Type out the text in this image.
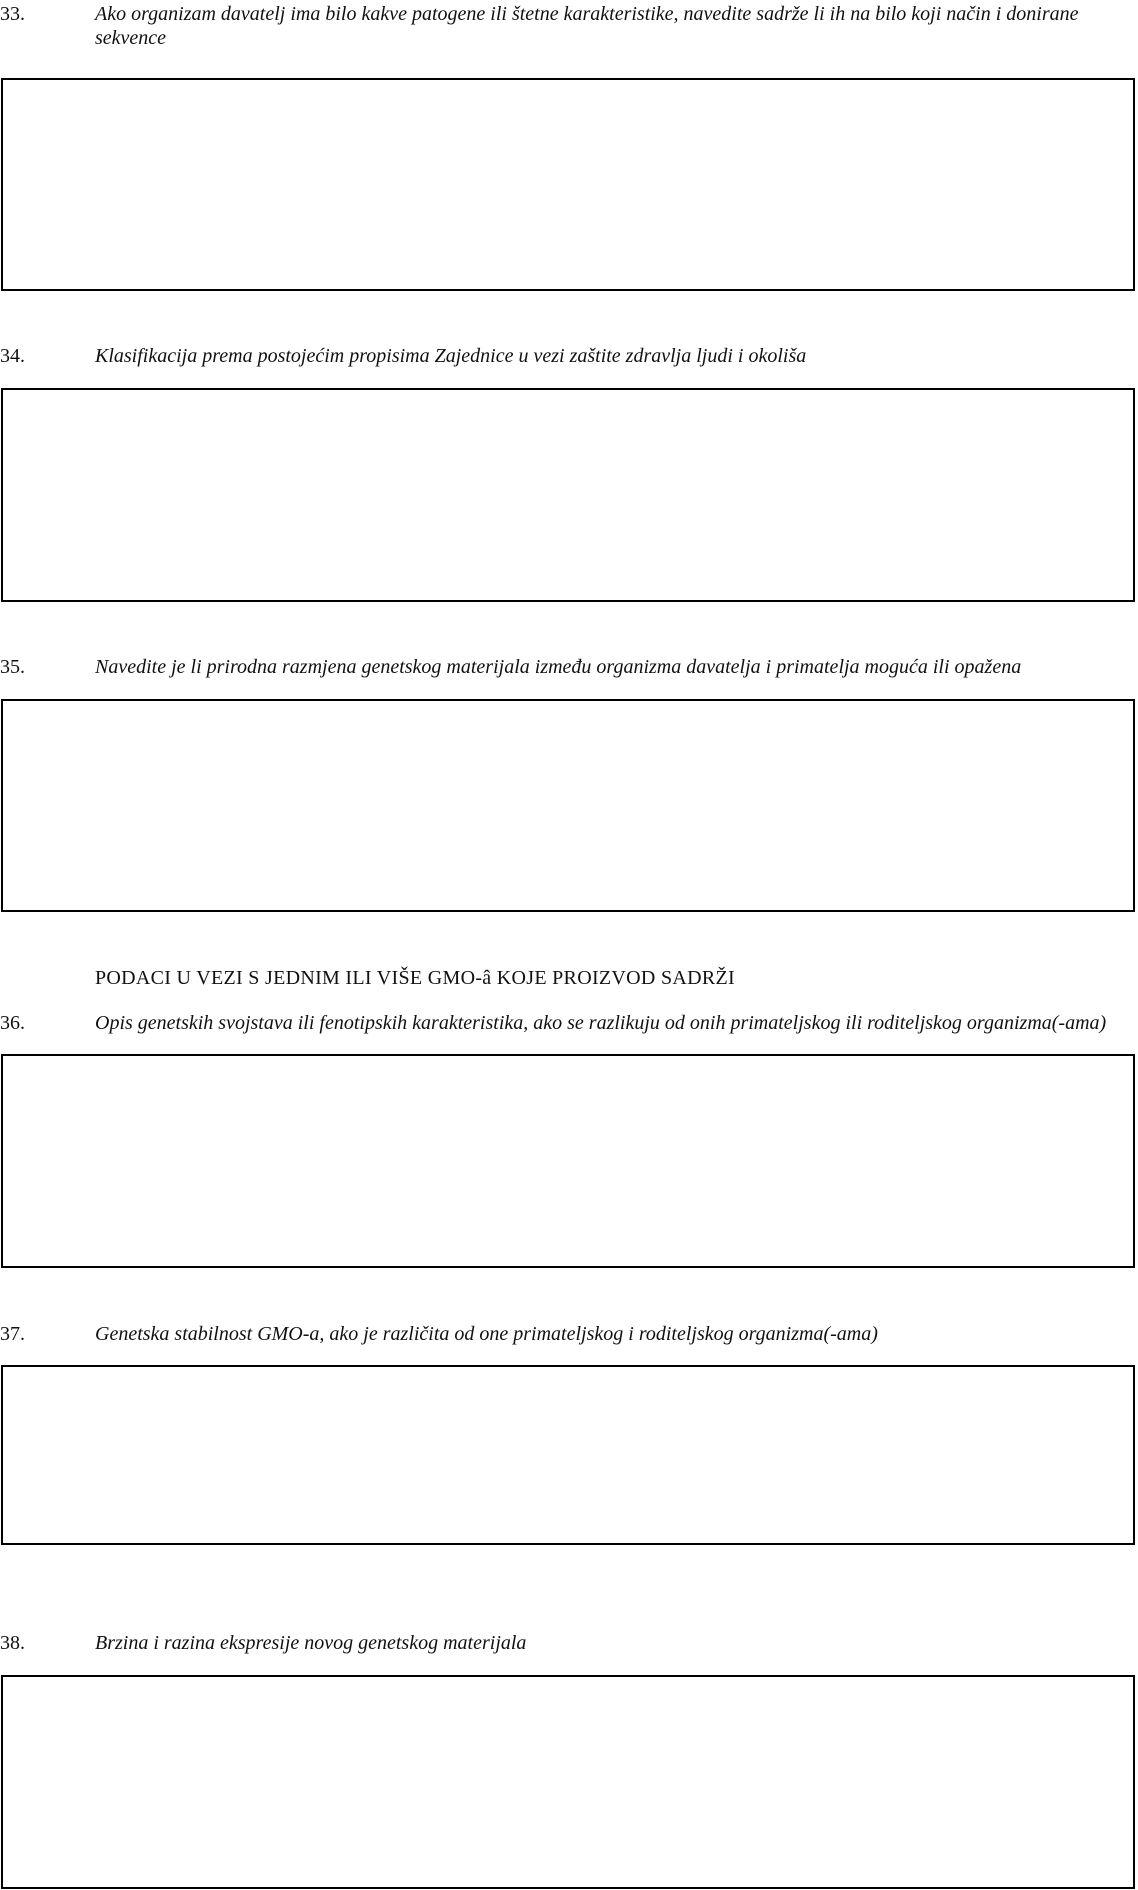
33.	Ako organizam davatelj ima bilo kakve patogene ili štetne karakteristike, navedite sadrže li ih na bilo koji način i donirane sekvence
34.	Klasifikacija prema postojećim propisima Zajednice u vezi zaštite zdravlja ljudi i okoliša
35.	Navedite je li prirodna razmjena genetskog materijala između organizma davatelja i primatelja moguća ili opažena
PODACI U VEZI S JEDNIM ILI VIŠE GMO-â KOJE PROIZVOD SADRŽI
36.	Opis genetskih svojstava ili fenotipskih karakteristika, ako se razlikuju od onih primateljskog ili roditeljskog organizma(-ama)
37.	Genetska stabilnost GMO-a, ako je različita od one primateljskog i roditeljskog organizma(-ama)
38.	Brzina i razina ekspresije novog genetskog materijala
